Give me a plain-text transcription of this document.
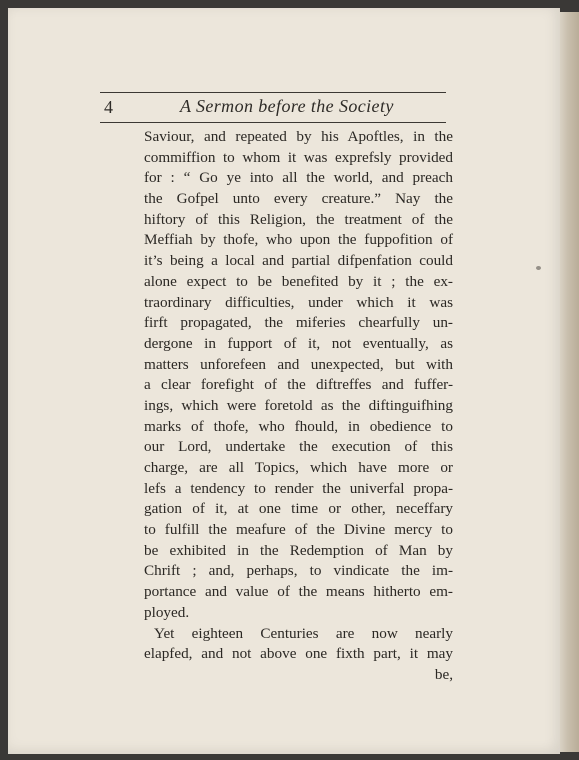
4	A Sermon before the Society
Saviour, and repeated by his Apoftles, in the
commiffion to whom it was exprefsly provided
for : “ Go ye into all the world, and preach
the Gofpel unto every creature.” Nay the
hiftory of this Religion, the treatment of the
Meffiah by thofe, who upon the fuppofition of
it’s being a local and partial difpenfation could
alone expect to be benefited by it ; the ex-
traordinary difficulties, under which it was
firft propagated, the miferies chearfully un-
dergone in fupport of it, not eventually, as
matters unforefeen and unexpected, but with
a clear forefight of the diftreffes and fuffer-
ings, which were foretold as the diftinguifhing
marks of thofe, who fhould, in obedience to
our Lord, undertake the execution of this
charge, are all Topics, which have more or
lefs a tendency to render the univerfal propa-
gation of it, at one time or other, neceffary
to fulfill the meafure of the Divine mercy to
be exhibited in the Redemption of Man by
Chrift ; and, perhaps, to vindicate the im-
portance and value of the means hitherto em-
ployed.
Yet eighteen Centuries are now nearly
elapfed, and not above one fixth part, it may
be,
